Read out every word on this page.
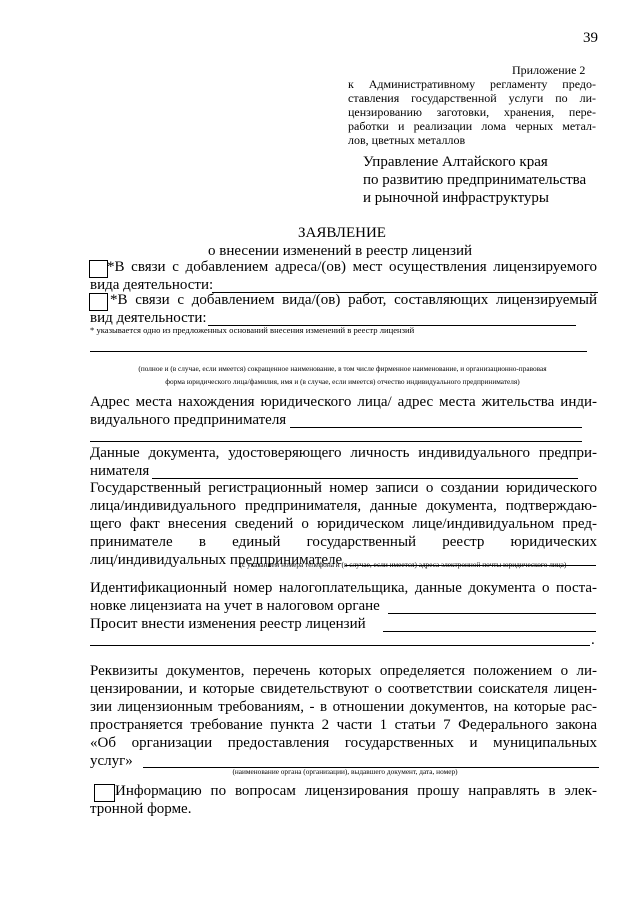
39
Приложение 2
к Административному регламенту предо-
ставления государственной услуги по ли-
цензированию заготовки, хранения, пере-
работки и реализации лома черных метал-
лов, цветных металлов
Управление Алтайского края
по развитию предпринимательства
и рыночной инфраструктуры
ЗАЯВЛЕНИЕ
о внесении изменений в реестр лицензий
*В связи с добавлением адреса/(ов) мест осуществления лицензируемого
вида деятельности:
*В связи с добавлением вида/(ов) работ, составляющих лицензируемый
вид деятельности:
* указывается одно из предложенных оснований внесения изменений в реестр лицензий
(полное и (в случае, если имеется) сокращенное наименование, в том числе фирменное наименование, и организационно-правовая
форма юридического лица/фамилия, имя и (в случае, если имеется) отчество индивидуального предпринимателя)
Адрес места нахождения юридического лица/ адрес места жительства инди-
видуального предпринимателя
Данные документа, удостоверяющего личность индивидуального предпри-
нимателя
Государственный регистрационный номер записи о создании юридического
лица/индивидуального предпринимателя, данные документа, подтверждаю-
щего факт внесения сведений о юридическом лице/индивидуальном пред-
принимателе в единый государственный реестр юридических
лиц/индивидуальных предпринимателе
(с указанием номера телефона и (в случае, если имеется) адреса электронной почты юридического лица)
Идентификационный номер налогоплательщика, данные документа о поста-
новке лицензиата на учет в налоговом органе
Просит внести изменения реестр лицензий
.
Реквизиты документов, перечень которых определяется положением о ли-
цензировании, и которые свидетельствуют о соответствии соискателя лицен-
зии лицензионным требованиям, - в отношении документов, на которые рас-
пространяется требование пункта 2 части 1 статьи 7 Федерального закона
«Об организации предоставления государственных и муниципальных
услуг»
(наименование органа (организации), выдавшего документ, дата, номер)
Информацию по вопросам лицензирования прошу направлять в элек-
тронной форме.
